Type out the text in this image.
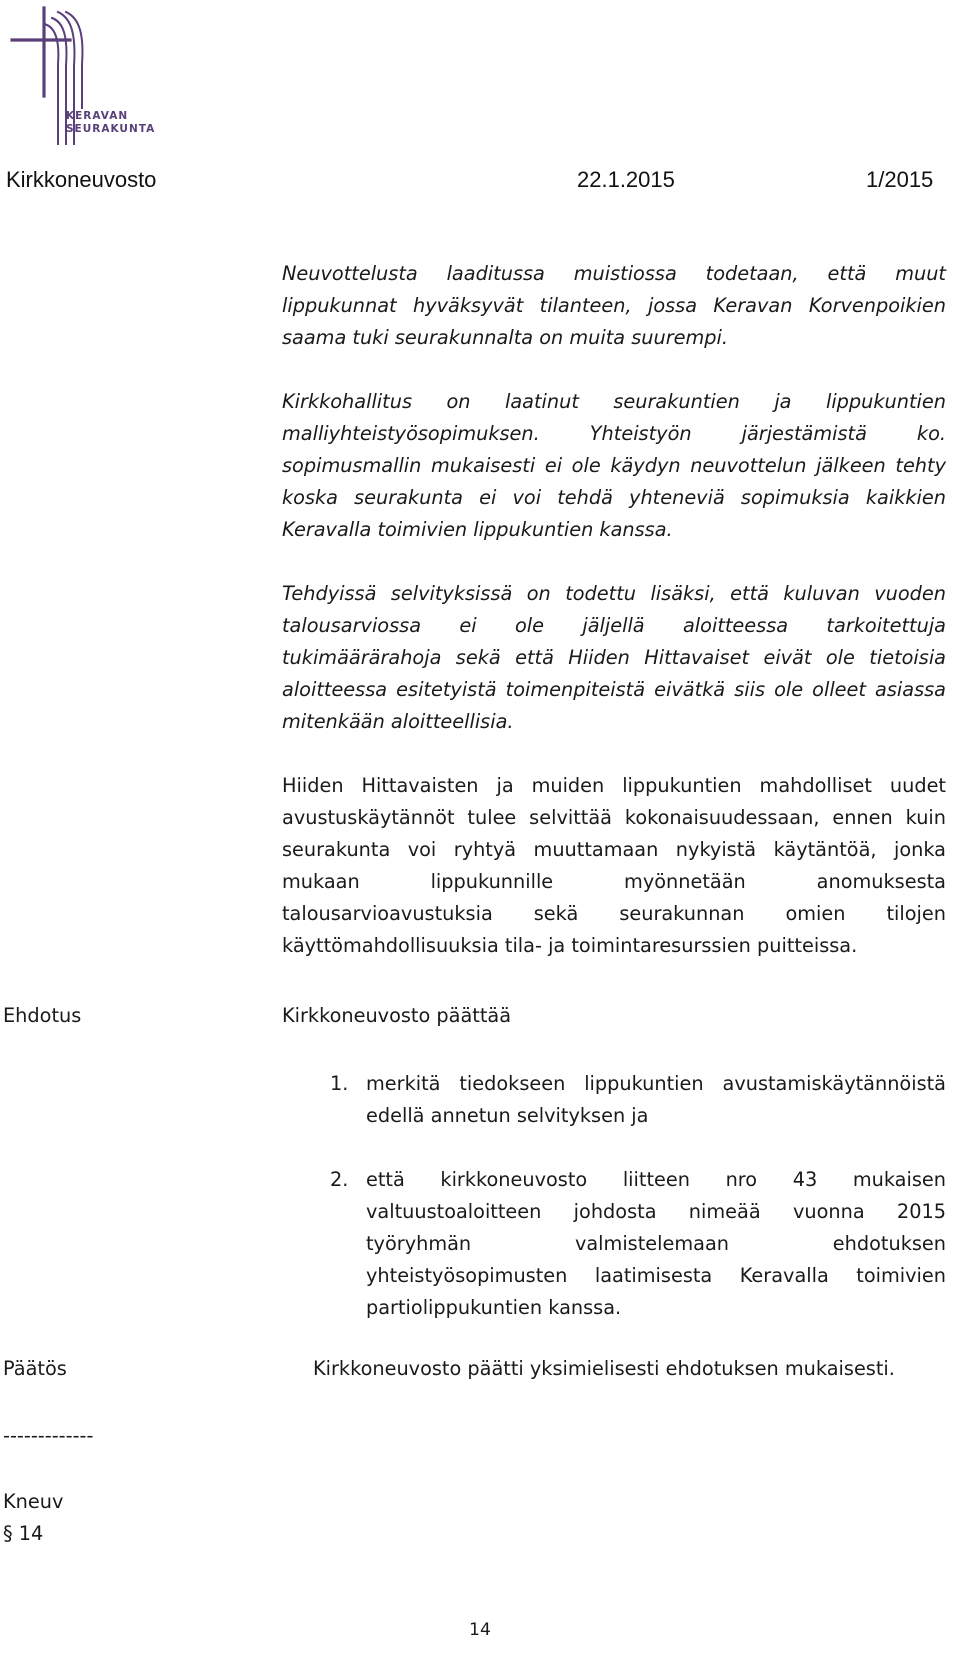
KERAVAN
SEURAKUNTA
Kirkkoneuvosto	22.1.2015	1/2015

Neuvottelusta laaditussa muistiossa todetaan, että muut lippukunnat hyväksyvät tilanteen, jossa Keravan Korvenpoikien saama tuki seurakunnalta on muita suurempi.

Kirkkohallitus on laatinut seurakuntien ja lippukuntien malliyhteistyösopimuksen. Yhteistyön järjestämistä ko. sopimusmallin mukaisesti ei ole käydyn neuvottelun jälkeen tehty koska seurakunta ei voi tehdä yhteneviä sopimuksia kaikkien Keravalla toimivien lippukuntien kanssa.

Tehdyissä selvityksissä on todettu lisäksi, että kuluvan vuoden talousarviossa ei ole jäljellä aloitteessa tarkoitettuja tukimäärärahoja sekä että Hiiden Hittavaiset eivät ole tietoisia aloitteessa esitetyistä toimenpiteistä eivätkä siis ole olleet asiassa mitenkään aloitteellisia.

Hiiden Hittavaisten ja muiden lippukuntien mahdolliset uudet avustuskäytännöt tulee selvittää kokonaisuudessaan, ennen kuin seurakunta voi ryhtyä muuttamaan nykyistä käytäntöä, jonka mukaan lippukunnille myönnetään anomuksesta talousarvioavustuksia sekä seurakunnan omien tilojen käyttömahdollisuuksia tila- ja toimintaresurssien puitteissa.

Ehdotus	Kirkkoneuvosto päättää
1. merkitä tiedokseen lippukuntien avustamiskäytännöistä edellä annetun selvityksen ja
2. että kirkkoneuvosto liitteen nro 43 mukaisen valtuustoaloitteen johdosta nimeää vuonna 2015 työryhmän valmistelemaan ehdotuksen yhteistyösopimusten laatimisesta Keravalla toimivien partiolippukuntien kanssa.
Päätös	Kirkkoneuvosto päätti yksimielisesti ehdotuksen mukaisesti.
-------------
Kneuv
§ 14
14
